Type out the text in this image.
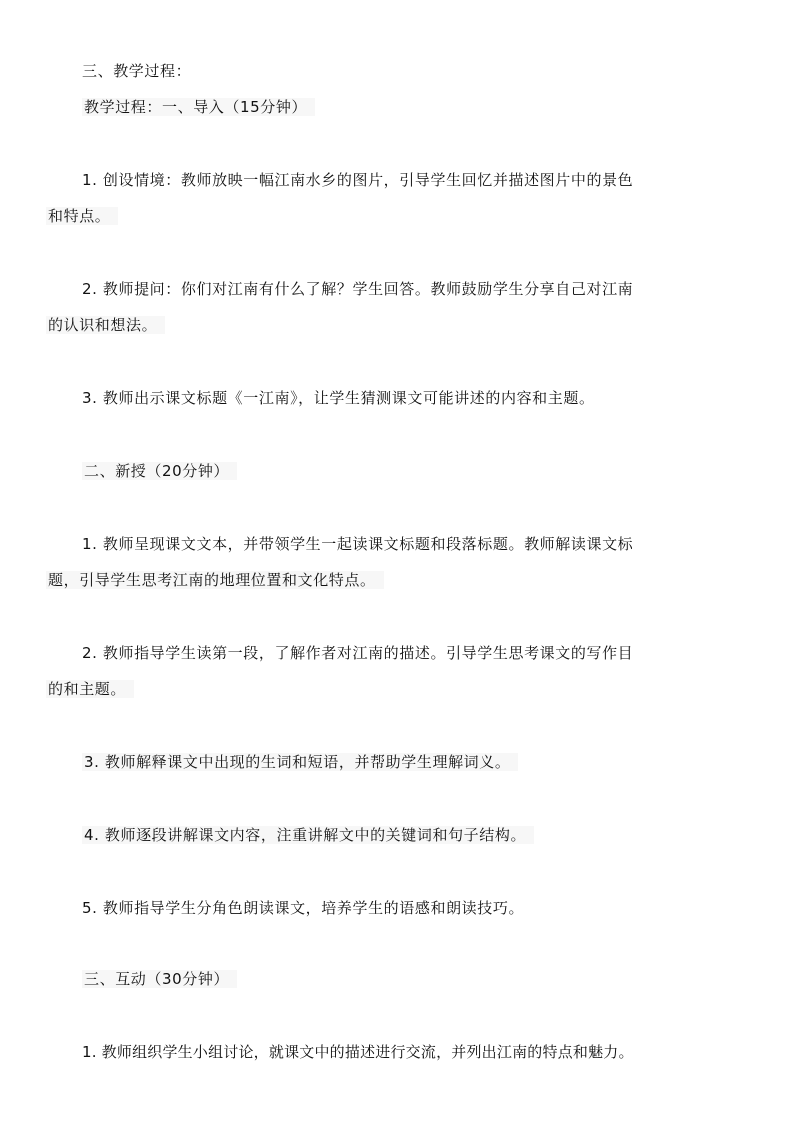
三、教学过程：
教学过程：一、导入（15分钟）
1. 创设情境：教师放映一幅江南水乡的图片，引导学生回忆并描述图片中的景色
和特点。
2. 教师提问：你们对江南有什么了解？学生回答。教师鼓励学生分享自己对江南
的认识和想法。
3. 教师出示课文标题《一江南》，让学生猜测课文可能讲述的内容和主题。
二、新授（20分钟）
1. 教师呈现课文文本，并带领学生一起读课文标题和段落标题。教师解读课文标
题，引导学生思考江南的地理位置和文化特点。
2. 教师指导学生读第一段，了解作者对江南的描述。引导学生思考课文的写作目
的和主题。
3. 教师解释课文中出现的生词和短语，并帮助学生理解词义。
4. 教师逐段讲解课文内容，注重讲解文中的关键词和句子结构。
5. 教师指导学生分角色朗读课文，培养学生的语感和朗读技巧。
三、互动（30分钟）
1. 教师组织学生小组讨论，就课文中的描述进行交流，并列出江南的特点和魅力。
